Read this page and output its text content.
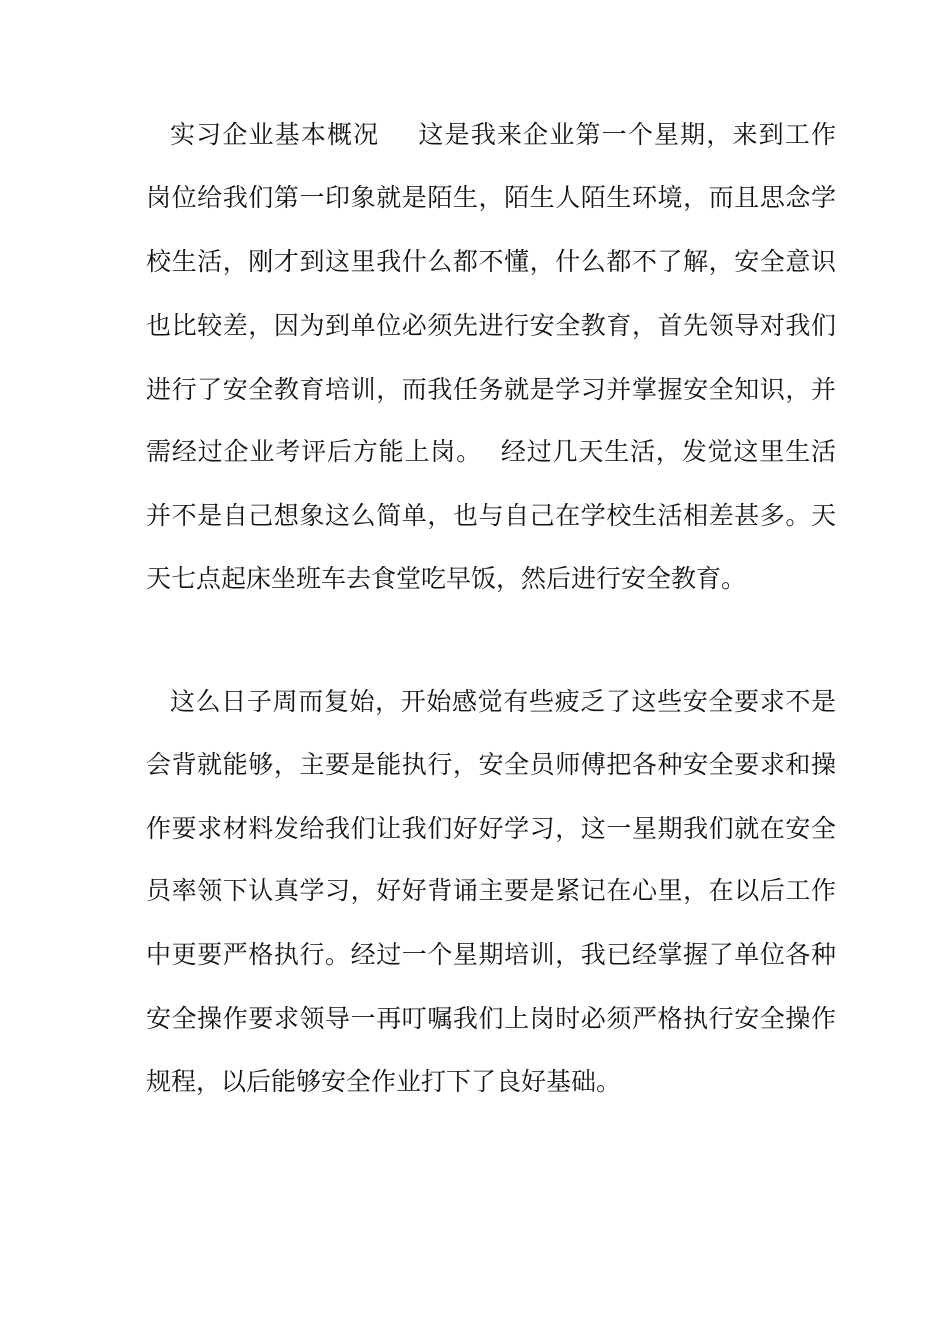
实习企业基本概况 这是我来企业第一个星期，来到工作
岗位给我们第一印象就是陌生，陌生人陌生环境，而且思念学
校生活，刚才到这里我什么都不懂，什么都不了解，安全意识
也比较差，因为到单位必须先进行安全教育，首先领导对我们
进行了安全教育培训，而我任务就是学习并掌握安全知识，并
需经过企业考评后方能上岗。 经过几天生活，发觉这里生活
并不是自己想象这么简单，也与自己在学校生活相差甚多。天
天七点起床坐班车去食堂吃早饭，然后进行安全教育。
这么日子周而复始，开始感觉有些疲乏了这些安全要求不是
会背就能够，主要是能执行，安全员师傅把各种安全要求和操
作要求材料发给我们让我们好好学习，这一星期我们就在安全
员率领下认真学习，好好背诵主要是紧记在心里，在以后工作
中更要严格执行。经过一个星期培训，我已经掌握了单位各种
安全操作要求领导一再叮嘱我们上岗时必须严格执行安全操作
规程，以后能够安全作业打下了良好基础。
